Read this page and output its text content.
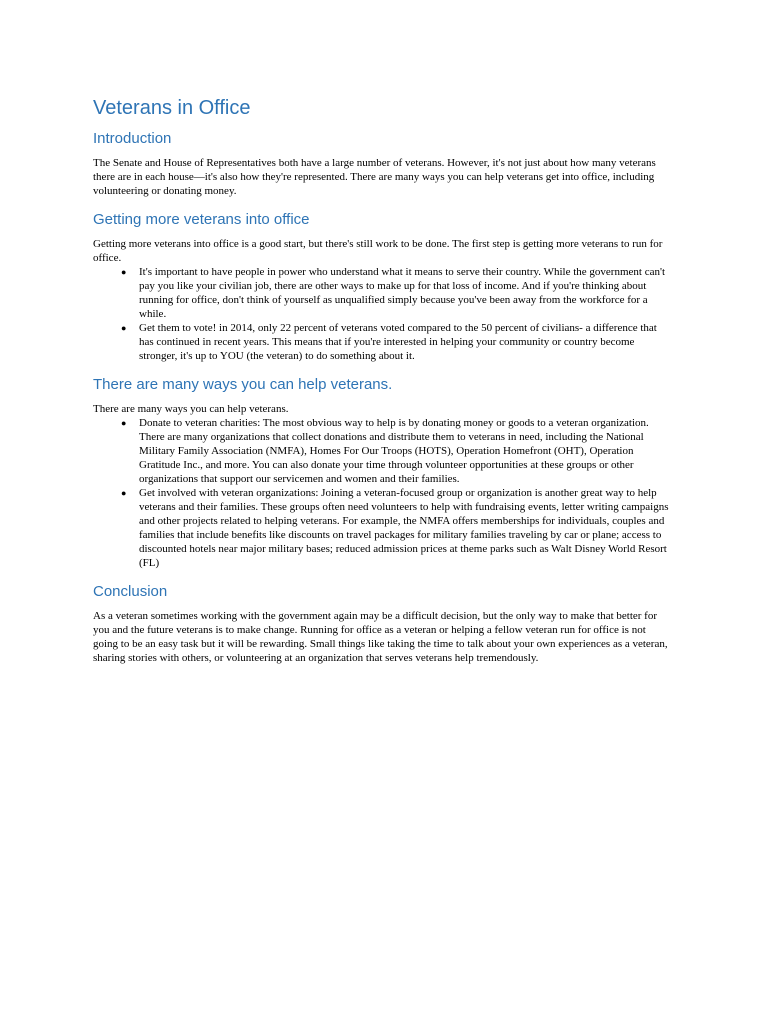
Veterans in Office
Introduction

The Senate and House of Representatives both have a large number of veterans. However, it's not just about how many veterans there are in each house—it's also how they're represented. There are many ways you can help veterans get into office, including volunteering or donating money.

Getting more veterans into office

Getting more veterans into office is a good start, but there's still work to be done. The first step is getting more veterans to run for office.

● It's important to have people in power who understand what it means to serve their country. While the government can't pay you like your civilian job, there are other ways to make up for that loss of income. And if you're thinking about running for office, don't think of yourself as unqualified simply because you've been away from the workforce for a while.
● Get them to vote! in 2014, only 22 percent of veterans voted compared to the 50 percent of civilians- a difference that has continued in recent years. This means that if you're interested in helping your community or country become stronger, it's up to YOU (the veteran) to do something about it.
There are many ways you can help veterans.

There are many ways you can help veterans.

● Donate to veteran charities: The most obvious way to help is by donating money or goods to a veteran organization. There are many organizations that collect donations and distribute them to veterans in need, including the National Military Family Association (NMFA), Homes For Our Troops (HOTS), Operation Homefront (OHT), Operation Gratitude Inc., and more. You can also donate your time through volunteer opportunities at these groups or other organizations that support our servicemen and women and their families.
● Get involved with veteran organizations: Joining a veteran-focused group or organization is another great way to help veterans and their families. These groups often need volunteers to help with fundraising events, letter writing campaigns and other projects related to helping veterans. For example, the NMFA offers memberships for individuals, couples and families that include benefits like discounts on travel packages for military families traveling by car or plane; access to discounted hotels near major military bases; reduced admission prices at theme parks such as Walt Disney World Resort (FL)
Conclusion

As a veteran sometimes working with the government again may be a difficult decision, but the only way to make that better for you and the future veterans is to make change. Running for office as a veteran or helping a fellow veteran run for office is not going to be an easy task but it will be rewarding. Small things like taking the time to talk about your own experiences as a veteran, sharing stories with others, or volunteering at an organization that serves veterans help tremendously.
